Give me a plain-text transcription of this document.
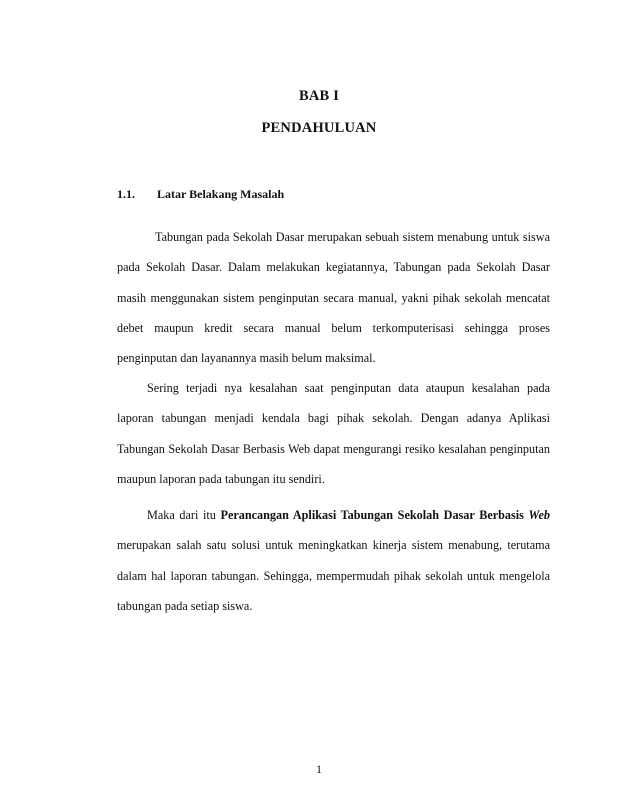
BAB I
PENDAHULUAN
1.1. Latar Belakang Masalah

Tabungan pada Sekolah Dasar merupakan sebuah sistem menabung untuk siswa pada Sekolah Dasar. Dalam melakukan kegiatannya, Tabungan pada Sekolah Dasar masih menggunakan sistem penginputan secara manual, yakni pihak sekolah mencatat debet maupun kredit secara manual belum terkomputerisasi sehingga proses penginputan dan layanannya masih belum maksimal.

Sering terjadi nya kesalahan saat penginputan data ataupun kesalahan pada laporan tabungan menjadi kendala bagi pihak sekolah. Dengan adanya Aplikasi Tabungan Sekolah Dasar Berbasis Web dapat mengurangi resiko kesalahan penginputan maupun laporan pada tabungan itu sendiri.

Maka dari itu Perancangan Aplikasi Tabungan Sekolah Dasar Berbasis Web merupakan salah satu solusi untuk meningkatkan kinerja sistem menabung, terutama dalam hal laporan tabungan. Sehingga, mempermudah pihak sekolah untuk mengelola tabungan pada setiap siswa.

1
